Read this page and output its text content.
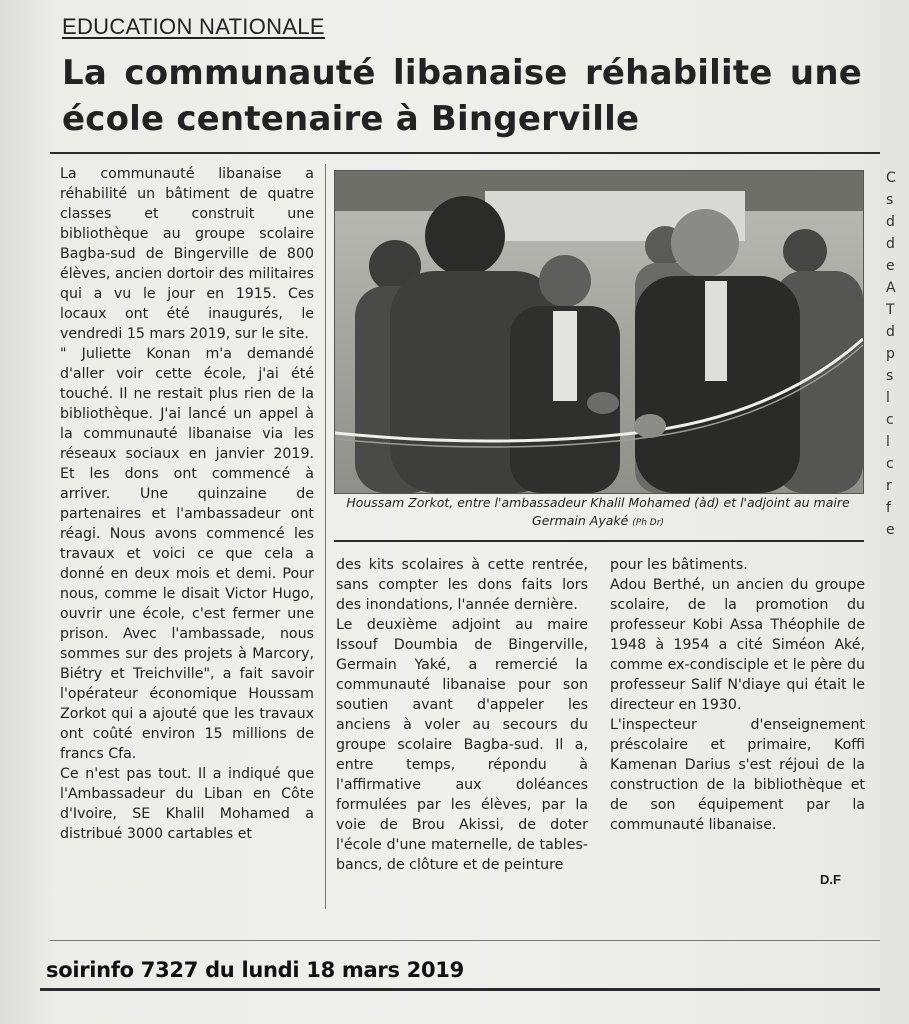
EDUCATION NATIONALE
La communauté libanaise réhabilite une
école centenaire à Bingerville

La communauté libanaise a réhabilité un bâtiment de quatre classes et construit une bibliothèque au groupe scolaire Bagba-sud de Bingerville de 800 élèves, ancien dortoir des militaires qui a vu le jour en 1915. Ces locaux ont été inaugurés, le vendredi 15 mars 2019, sur le site.

" Juliette Konan m'a demandé d'aller voir cette école, j'ai été touché. Il ne restait plus rien de la bibliothèque. J'ai lancé un appel à la communauté libanaise via les réseaux sociaux en janvier 2019. Et les dons ont commencé à arriver. Une quinzaine de partenaires et l'ambassadeur ont réagi. Nous avons commencé les travaux et voici ce que cela a donné en deux mois et demi. Pour nous, comme le disait Victor Hugo, ouvrir une école, c'est fermer une prison. Avec l'ambassade, nous sommes sur des projets à Marcory, Biétry et Treichville", a fait savoir l'opérateur économique Houssam Zorkot qui a ajouté que les travaux ont coûté environ 15 millions de francs Cfa.

Ce n'est pas tout. Il a indiqué que l'Ambassadeur du Liban en Côte d'Ivoire, SE Khalil Mohamed a distribué 3000 cartables et

Houssam Zorkot, entre l'ambassadeur Khalil Mohamed (àd) et l'adjoint au maire Germain Ayaké (Ph Dr)

des kits scolaires à cette rentrée, sans compter les dons faits lors des inondations, l'année dernière.

Le deuxième adjoint au maire Issouf Doumbia de Bingerville, Germain Yaké, a remercié la communauté libanaise pour son soutien avant d'appeler les anciens à voler au secours du groupe scolaire Bagba-sud. Il a, entre temps, répondu à l'affirmative aux doléances formulées par les élèves, par la voie de Brou Akissi, de doter l'école d'une maternelle, de tables-bancs, de clôture et de peinture

pour les bâtiments.

Adou Berthé, un ancien du groupe scolaire, de la promotion du professeur Kobi Assa Théophile de 1948 à 1954 a cité Siméon Aké, comme ex-condisciple et le père du professeur Salif N'diaye qui était le directeur en 1930.

L'inspecteur d'enseignement préscolaire et primaire, Koffi Kamenan Darius s'est réjoui de la construction de la bibliothèque et de son équipement par la communauté libanaise.

D.F
soirinfo 7327 du lundi 18 mars 2019
C
s
d
d
e
A
T
d
p
s
l
c
l
c
r
f
e
